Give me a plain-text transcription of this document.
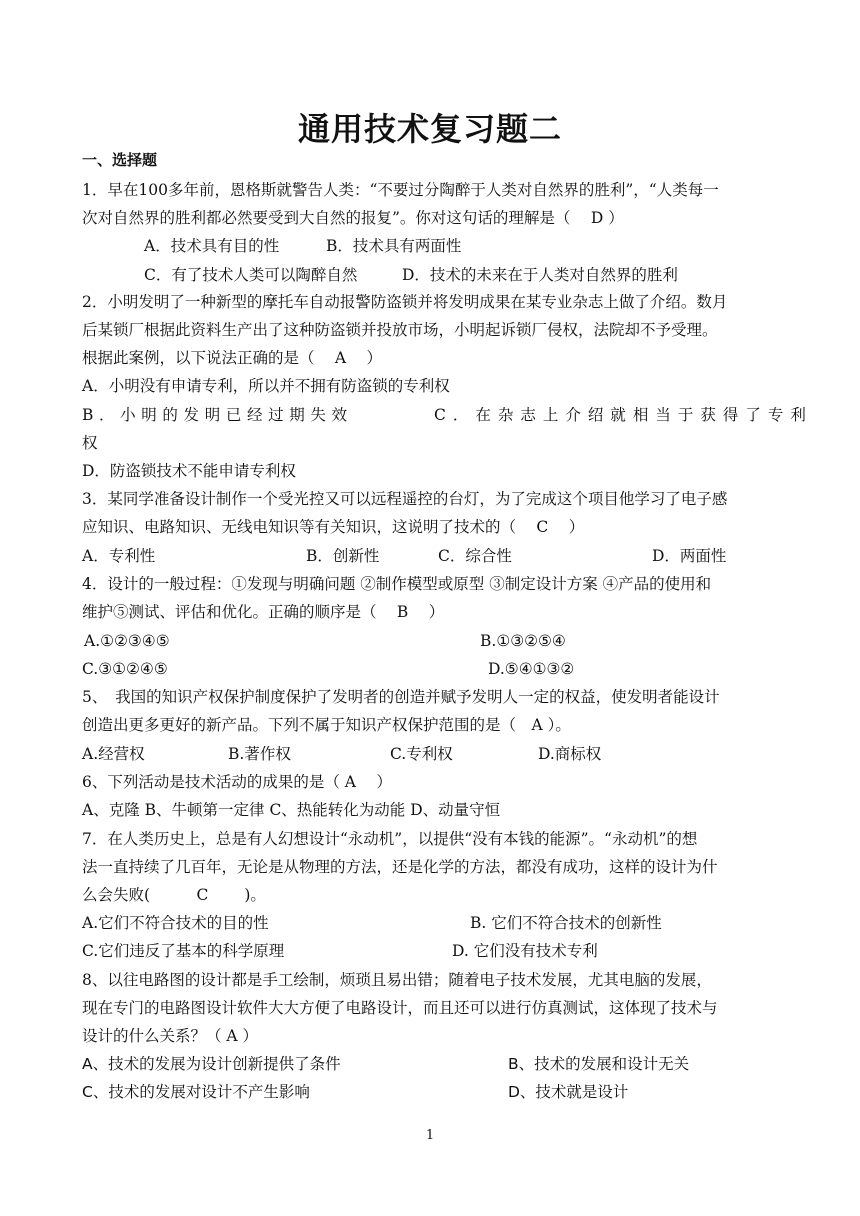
通用技术复习题二
一、选择题
1．早在100多年前，恩格斯就警告人类：“不要过分陶醉于人类对自然界的胜利”，“人类每一
次对自然界的胜利都必然要受到大自然的报复”。你对这句话的理解是（　 D ）
A．技术具有目的性	B．技术具有两面性
C．有了技术人类可以陶醉自然	D．技术的未来在于人类对自然界的胜利
2．小明发明了一种新型的摩托车自动报警防盗锁并将发明成果在某专业杂志上做了介绍。数月
后某锁厂根据此资料生产出了这种防盗锁并投放市场，小明起诉锁厂侵权，法院却不予受理。
根据此案例，以下说法正确的是（　 A　 ）
A．小明没有申请专利，所以并不拥有防盗锁的专利权
B．小明的发明已经过期失效	C．在杂志上介绍就相当于获得了专利
权
D．防盗锁技术不能申请专利权
3．某同学准备设计制作一个受光控又可以远程遥控的台灯，为了完成这个项目他学习了电子感
应知识、电路知识、无线电知识等有关知识，这说明了技术的（　 C　 ）
A．专利性	B．创新性	C．综合性	D．两面性
4．设计的一般过程：①发现与明确问题 ②制作模型或原型 ③制定设计方案 ④产品的使用和
维护⑤测试、评估和优化。正确的顺序是（　 B　 ）
A.①②③④⑤	B.①③②⑤④
C.③①②④⑤	D.⑤④①③②
5、　我国的知识产权保护制度保护了发明者的创造并赋予发明人一定的权益，使发明者能设计
创造出更多更好的新产品。下列不属于知识产权保护范围的是（　A ）。
A.经营权	B.著作权	C.专利权	D.商标权
6、下列活动是技术活动的成果的是（ A　 ）
A、克隆 B、牛顿第一定律 C、热能转化为动能 D、动量守恒
7．在人类历史上，总是有人幻想设计“永动机”，以提供“没有本钱的能源”。“永动机”的想
法一直持续了几百年，无论是从物理的方法，还是化学的方法，都没有成功，这样的设计为什
么会失败(　　　C　　 )。
A.它们不符合技术的目的性	B. 它们不符合技术的创新性
C.它们违反了基本的科学原理	D. 它们没有技术专利
8、以往电路图的设计都是手工绘制，烦琐且易出错；随着电子技术发展，尤其电脑的发展，
现在专门的电路图设计软件大大方便了电路设计，而且还可以进行仿真测试，这体现了技术与
设计的什么关系？（ A ）
A、技术的发展为设计创新提供了条件	B、技术的发展和设计无关
C、技术的发展对设计不产生影响	D、技术就是设计
1
